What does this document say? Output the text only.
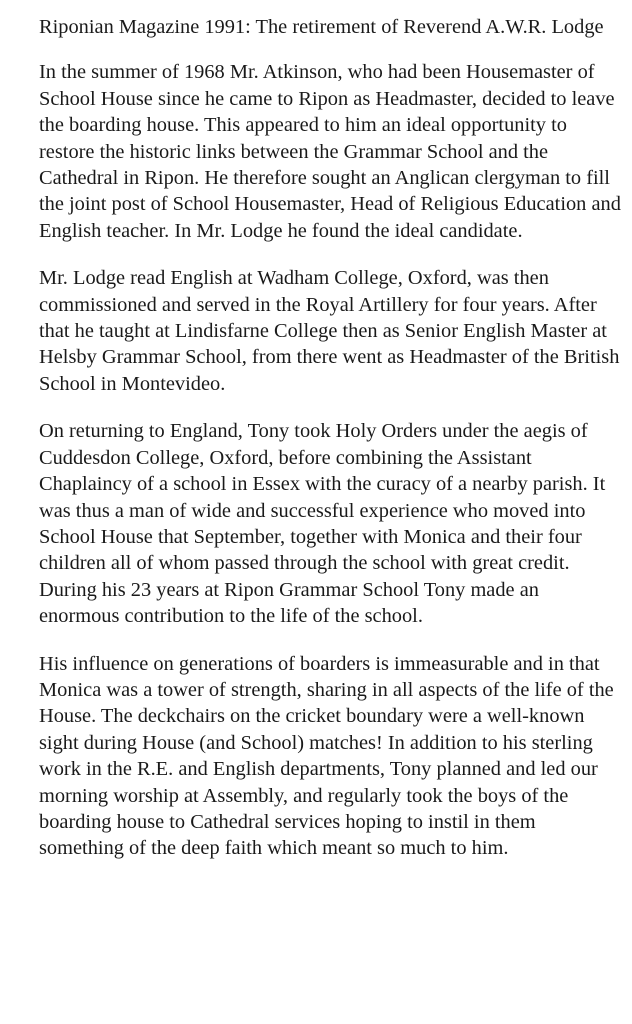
Riponian Magazine 1991: The retirement of Reverend A.W.R. Lodge

In the summer of 1968 Mr. Atkinson, who had been Housemaster of School House since he came to Ripon as Headmaster, decided to leave the boarding house. This appeared to him an ideal opportunity to restore the historic links between the Grammar School and the Cathedral in Ripon. He therefore sought an Anglican clergyman to fill the joint post of School Housemaster, Head of Religious Education and English teacher. In Mr. Lodge he found the ideal candidate.

Mr. Lodge read English at Wadham College, Oxford, was then commissioned and served in the Royal Artillery for four years. After that he taught at Lindisfarne College then as Senior English Master at Helsby Grammar School, from there went as Headmaster of the British School in Montevideo.

On returning to England, Tony took Holy Orders under the aegis of Cuddesdon College, Oxford, before combining the Assistant Chaplaincy of a school in Essex with the curacy of a nearby parish. It was thus a man of wide and successful experience who moved into School House that September, together with Monica and their four children all of whom passed through the school with great credit. During his 23 years at Ripon Grammar School Tony made an enormous contribution to the life of the school.

His influence on generations of boarders is immeasurable and in that Monica was a tower of strength, sharing in all aspects of the life of the House. The deckchairs on the cricket boundary were a well-known sight during House (and School) matches! In addition to his sterling work in the R.E. and English departments, Tony planned and led our morning worship at Assembly, and regularly took the boys of the boarding house to Cathedral services hoping to instil in them something of the deep faith which meant so much to him.
